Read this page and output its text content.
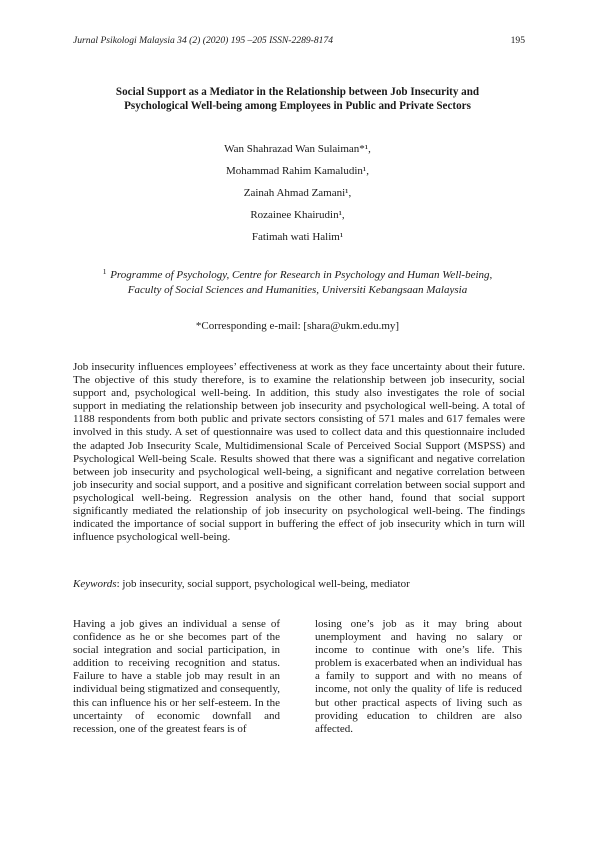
Jurnal Psikologi Malaysia 34 (2) (2020) 195 –205 ISSN-2289-8174	195
Social Support as a Mediator in the Relationship between Job Insecurity and
Psychological Well-being among Employees in Public and Private Sectors
Wan Shahrazad Wan Sulaiman*¹,
Mohammad Rahim Kamaludin¹,
Zainah Ahmad Zamani¹,
Rozainee Khairudin¹,
Fatimah wati Halim¹
$^1$ Programme of Psychology, Centre for Research in Psychology and Human Well-being,
Faculty of Social Sciences and Humanities, Universiti Kebangsaan Malaysia
*Corresponding e-mail: [shara@ukm.edu.my]
Job insecurity influences employees’ effectiveness at work as they face uncertainty about their future. The objective of this study therefore, is to examine the relationship between job insecurity, social support and, psychological well-being. In addition, this study also investigates the role of social support in mediating the relationship between job insecurity and psychological well-being. A total of 1188 respondents from both public and private sectors consisting of 571 males and 617 females were involved in this study. A set of questionnaire was used to collect data and this questionnaire included the adapted Job Insecurity Scale, Multidimensional Scale of Perceived Social Support (MSPSS) and Psychological Well-being Scale. Results showed that there was a significant and negative correlation between job insecurity and psychological well-being, a significant and negative correlation between job insecurity and social support, and a positive and significant correlation between social support and psychological well-being. Regression analysis on the other hand, found that social support significantly mediated the relationship of job insecurity on psychological well-being. The findings indicated the importance of social support in buffering the effect of job insecurity which in turn will influence psychological well-being.
Keywords: job insecurity, social support, psychological well-being, mediator
Having a job gives an individual a sense of confidence as he or she becomes part of the social integration and social participation, in addition to receiving recognition and status. Failure to have a stable job may result in an individual being stigmatized and consequently, this can influence his or her self-esteem. In the uncertainty of economic downfall and recession, one of the greatest fears is of
losing one’s job as it may bring about unemployment and having no salary or income to continue with one’s life. This problem is exacerbated when an individual has a family to support and with no means of income, not only the quality of life is reduced but other practical aspects of living such as providing education to children are also affected.
